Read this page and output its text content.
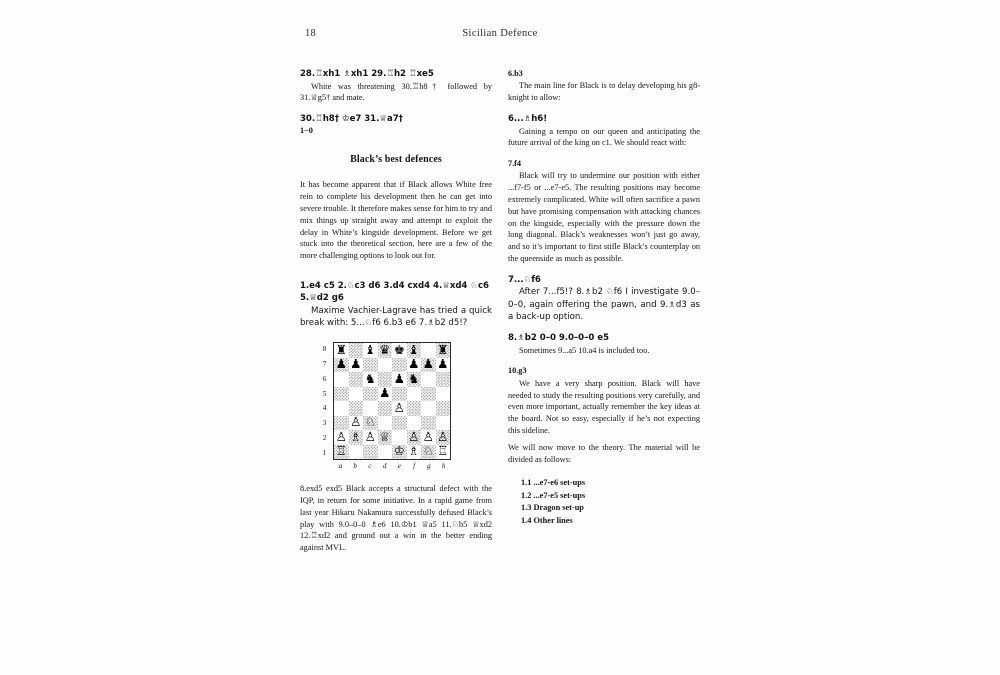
18	Sicilian Defence

28.♖xh1 ♗xh1 29.♖h2 ♖xe5

White was threatening 30.♖h8† followed by 31.♕g5† and mate.

30.♖h8† ♔e7 31.♕a7†

1–0

Black’s best defences

It has become apparent that if Black allows White free rein to complete his development then he can get into severe trouble. It therefore makes sense for him to try and mix things up straight away and attempt to exploit the delay in White’s kingside development. Before we get stuck into the theoretical section, here are a few of the more challenging options to look out for.

1.e4 c5 2.♘c3 d6 3.d4 cxd4 4.♕xd4 ♘c6 5.♕d2 g6

Maxime Vachier-Lagrave has tried a quick break with: 5...♘f6 6.b3 e6 7.♗b2 d5!?

8
7
6
5
4
3
2
1
♜ ♝ ♛ ♚ ♝ ♜
♟ ♟	♟ ♟ ♟
♞ ♟ ♞
♟
♙
♙ ♘
♙ ♗ ♙ ♕ ♙ ♙ ♙
♖	♔ ♗ ♘ ♖
a	b	c	d	e	f	g	h

8.exd5 exd5 Black accepts a structural defect with the IQP, in return for some initiative. In a rapid game from last year Hikaru Nakamura successfully defused Black’s play with 9.0–0–0 ♗e6 10.♔b1 ♕a5 11.♘b5 ♕xd2 12.♖xd2 and ground out a win in the better ending against MVL.

6.b3

The main line for Black is to delay developing his g8-knight to allow:

6...♗h6!

Gaining a tempo on our queen and anticipating the future arrival of the king on c1. We should react with:

7.f4

Black will try to undermine our position with either ...f7-f5 or ...e7-e5. The resulting positions may become extremely complicated. White will often sacrifice a pawn but have promising compensation with attacking chances on the kingside, especially with the pressure down the long diagonal. Black’s weaknesses won’t just go away, and so it’s important to first stifle Black’s counterplay on the queenside as much as possible.

7...♘f6

After 7...f5!? 8.♗b2 ♘f6 I investigate 9.0–0–0, again offering the pawn, and 9.♗d3 as a back-up option.

8.♗b2 0–0 9.0–0–0 e5

Sometimes 9...a5 10.a4 is included too.

10.g3

We have a very sharp position. Black will have needed to study the resulting positions very carefully, and even more important, actually remember the key ideas at the board. Not so easy, especially if he’s not expecting this sideline.

We will now move to the theory. The material will be divided as follows:

1.1 ...e7-e6 set-ups
1.2 ...e7-e5 set-ups
1.3 Dragon set-up
1.4 Other lines
